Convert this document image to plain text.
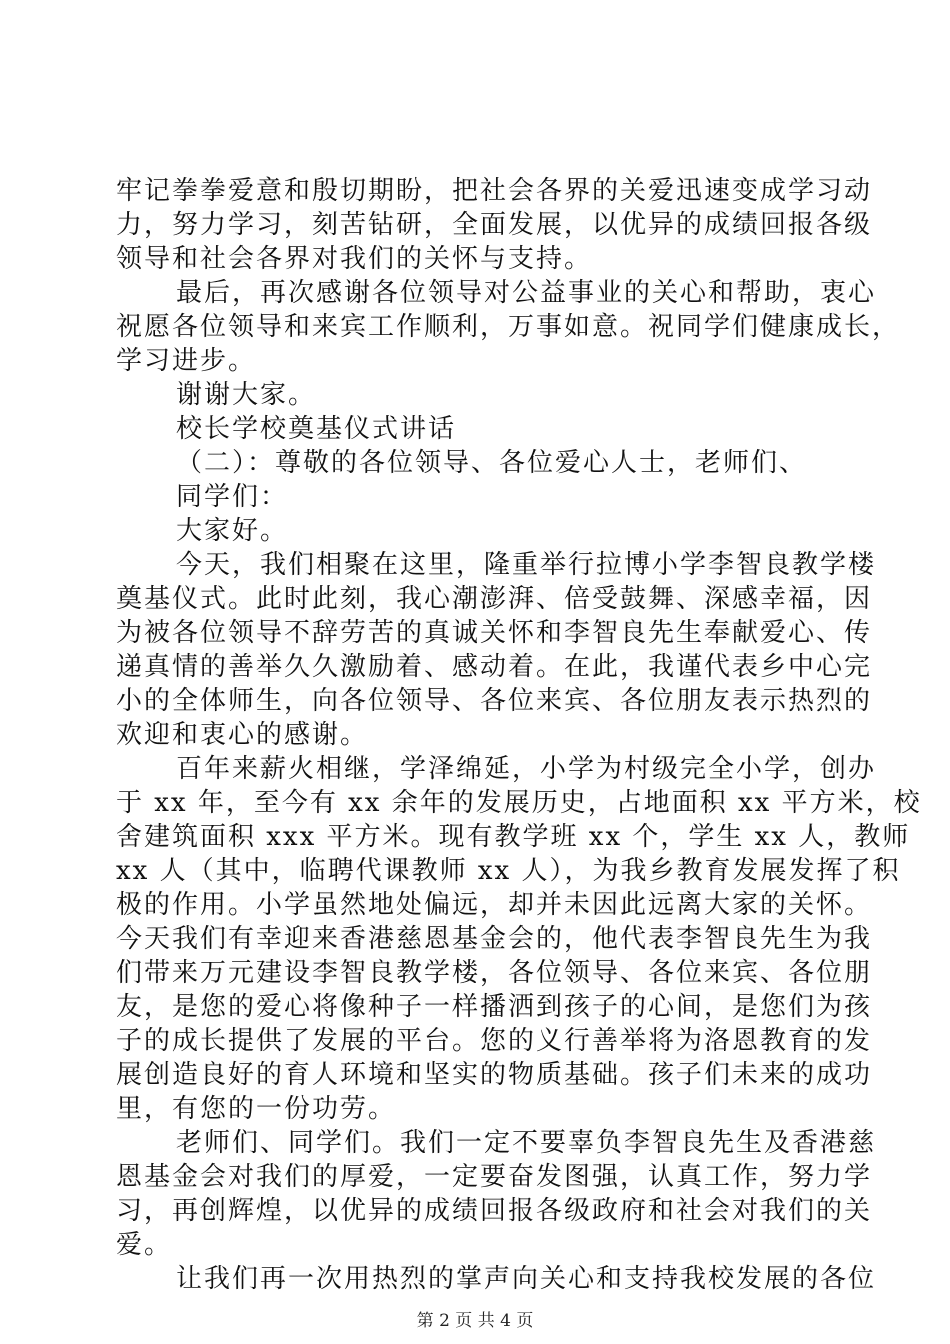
牢记拳拳爱意和殷切期盼，把社会各界的关爱迅速变成学习动
力，努力学习，刻苦钻研，全面发展，以优异的成绩回报各级
领导和社会各界对我们的关怀与支持。
最后，再次感谢各位领导对公益事业的关心和帮助，衷心
祝愿各位领导和来宾工作顺利，万事如意。祝同学们健康成长，
学习进步。
谢谢大家。
校长学校奠基仪式讲话
（二）：尊敬的各位领导、各位爱心人士，老师们、
同学们：
大家好。
今天，我们相聚在这里，隆重举行拉博小学李智良教学楼
奠基仪式。此时此刻，我心潮澎湃、倍受鼓舞、深感幸福，因
为被各位领导不辞劳苦的真诚关怀和李智良先生奉献爱心、传
递真情的善举久久激励着、感动着。在此，我谨代表乡中心完
小的全体师生，向各位领导、各位来宾、各位朋友表示热烈的
欢迎和衷心的感谢。
百年来薪火相继，学泽绵延，小学为村级完全小学，创办
于 xx 年，至今有 xx 余年的发展历史，占地面积 xx 平方米，校
舍建筑面积 xxx 平方米。现有教学班 xx 个，学生 xx 人，教师
xx 人（其中，临聘代课教师 xx 人），为我乡教育发展发挥了积
极的作用。小学虽然地处偏远，却并未因此远离大家的关怀。
今天我们有幸迎来香港慈恩基金会的，他代表李智良先生为我
们带来万元建设李智良教学楼，各位领导、各位来宾、各位朋
友，是您的爱心将像种子一样播洒到孩子的心间，是您们为孩
子的成长提供了发展的平台。您的义行善举将为洛恩教育的发
展创造良好的育人环境和坚实的物质基础。孩子们未来的成功
里，有您的一份功劳。
老师们、同学们。我们一定不要辜负李智良先生及香港慈
恩基金会对我们的厚爱，一定要奋发图强，认真工作，努力学
习，再创辉煌，以优异的成绩回报各级政府和社会对我们的关
爱。
让我们再一次用热烈的掌声向关心和支持我校发展的各位
第 2 页 共 4 页
